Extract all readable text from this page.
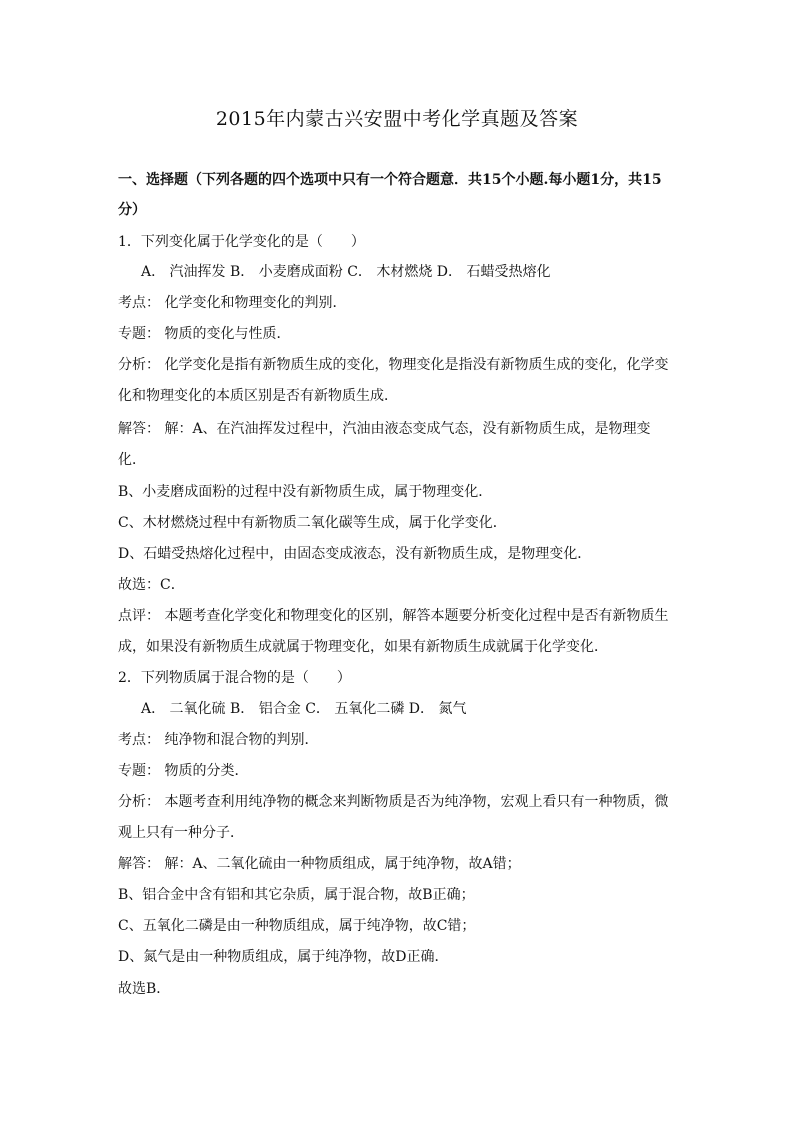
2015年内蒙古兴安盟中考化学真题及答案
一、选择题（下列各题的四个选项中只有一个符合题意．共15个小题.每小题1分，共15
分）
1．下列变化属于化学变化的是（　　）
A． 汽油挥发 B． 小麦磨成面粉 C． 木材燃烧 D． 石蜡受热熔化
考点： 化学变化和物理变化的判别．
专题： 物质的变化与性质．
分析： 化学变化是指有新物质生成的变化，物理变化是指没有新物质生成的变化，化学变
化和物理变化的本质区别是否有新物质生成．
解答： 解：A、在汽油挥发过程中，汽油由液态变成气态，没有新物质生成，是物理变
化．
B、小麦磨成面粉的过程中没有新物质生成，属于物理变化．
C、木材燃烧过程中有新物质二氧化碳等生成，属于化学变化．
D、石蜡受热熔化过程中，由固态变成液态，没有新物质生成，是物理变化．
故选：C．
点评： 本题考查化学变化和物理变化的区别，解答本题要分析变化过程中是否有新物质生
成，如果没有新物质生成就属于物理变化，如果有新物质生成就属于化学变化．
2．下列物质属于混合物的是（　　）
A． 二氧化硫 B． 铝合金 C． 五氧化二磷 D． 氮气
考点： 纯净物和混合物的判别．
专题： 物质的分类．
分析： 本题考查利用纯净物的概念来判断物质是否为纯净物，宏观上看只有一种物质，微
观上只有一种分子．
解答： 解：A、二氧化硫由一种物质组成，属于纯净物，故A错；
B、铝合金中含有铝和其它杂质，属于混合物，故B正确；
C、五氧化二磷是由一种物质组成，属于纯净物，故C错；
D、氮气是由一种物质组成，属于纯净物，故D正确．
故选B．
